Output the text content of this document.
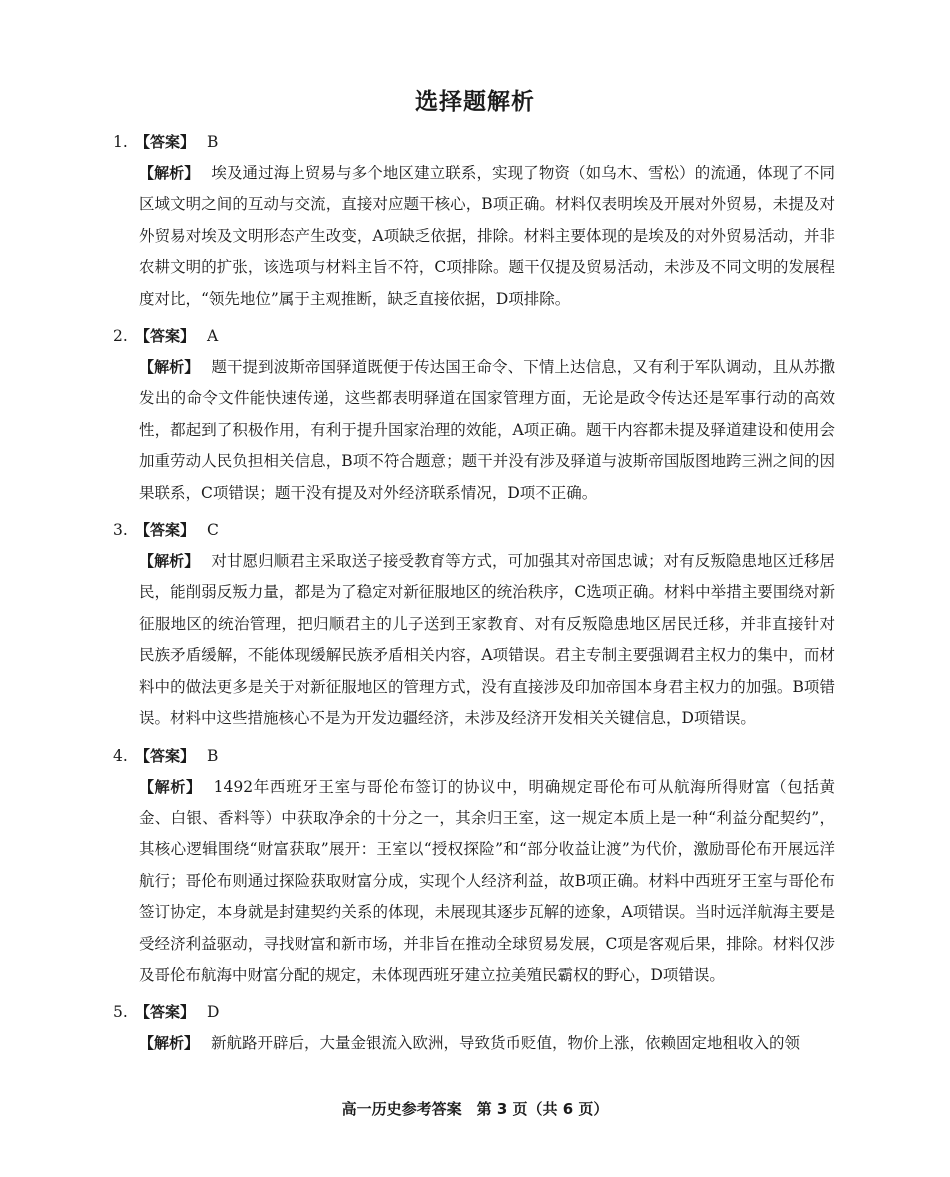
选择题解析
1. 【答案】 B

【解析】 埃及通过海上贸易与多个地区建立联系，实现了物资（如乌木、雪松）的流通，体现了不同区域文明之间的互动与交流，直接对应题干核心，B项正确。材料仅表明埃及开展对外贸易，未提及对外贸易对埃及文明形态产生改变，A项缺乏依据，排除。材料主要体现的是埃及的对外贸易活动，并非农耕文明的扩张，该选项与材料主旨不符，C项排除。题干仅提及贸易活动，未涉及不同文明的发展程度对比，“领先地位”属于主观推断，缺乏直接依据，D项排除。

2. 【答案】 A

【解析】 题干提到波斯帝国驿道既便于传达国王命令、下情上达信息，又有利于军队调动，且从苏撒发出的命令文件能快速传递，这些都表明驿道在国家管理方面，无论是政令传达还是军事行动的高效性，都起到了积极作用，有利于提升国家治理的效能，A项正确。题干内容都未提及驿道建设和使用会加重劳动人民负担相关信息，B项不符合题意；题干并没有涉及驿道与波斯帝国版图地跨三洲之间的因果联系，C项错误；题干没有提及对外经济联系情况，D项不正确。

3. 【答案】 C

【解析】 对甘愿归顺君主采取送子接受教育等方式，可加强其对帝国忠诚；对有反叛隐患地区迁移居民，能削弱反叛力量，都是为了稳定对新征服地区的统治秩序，C选项正确。材料中举措主要围绕对新征服地区的统治管理，把归顺君主的儿子送到王家教育、对有反叛隐患地区居民迁移，并非直接针对民族矛盾缓解，不能体现缓解民族矛盾相关内容，A项错误。君主专制主要强调君主权力的集中，而材料中的做法更多是关于对新征服地区的管理方式，没有直接涉及印加帝国本身君主权力的加强。B项错误。材料中这些措施核心不是为开发边疆经济，未涉及经济开发相关关键信息，D项错误。

4. 【答案】 B

【解析】 1492年西班牙王室与哥伦布签订的协议中，明确规定哥伦布可从航海所得财富（包括黄金、白银、香料等）中获取净余的十分之一，其余归王室，这一规定本质上是一种“利益分配契约”，其核心逻辑围绕“财富获取”展开：王室以“授权探险”和“部分收益让渡”为代价，激励哥伦布开展远洋航行；哥伦布则通过探险获取财富分成，实现个人经济利益，故B项正确。材料中西班牙王室与哥伦布签订协定，本身就是封建契约关系的体现，未展现其逐步瓦解的迹象，A项错误。当时远洋航海主要是受经济利益驱动，寻找财富和新市场，并非旨在推动全球贸易发展，C项是客观后果，排除。材料仅涉及哥伦布航海中财富分配的规定，未体现西班牙建立拉美殖民霸权的野心，D项错误。

5. 【答案】 D

【解析】 新航路开辟后，大量金银流入欧洲，导致货币贬值，物价上涨，依赖固定地租收入的领

高一历史参考答案　第 3 页（共 6 页）
